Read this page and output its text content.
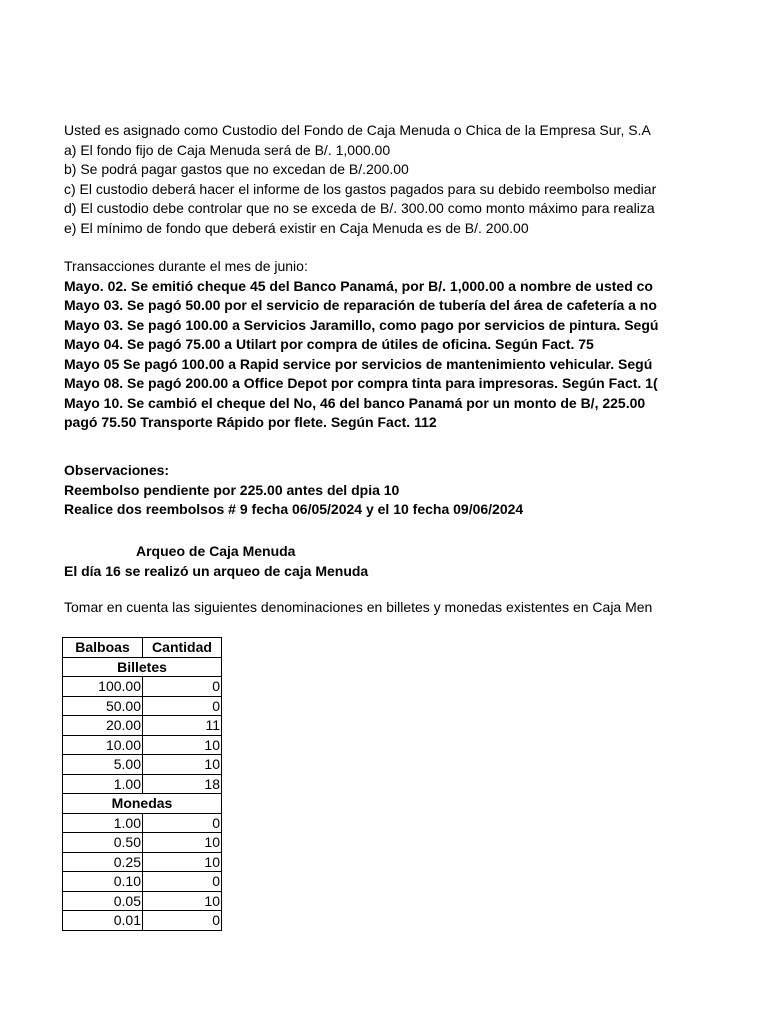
Usted es asignado como Custodio del Fondo de Caja Menuda o Chica de la Empresa Sur, S.A
a) El fondo fijo de Caja Menuda será de B/. 1,000.00
b) Se podrá pagar gastos que no excedan de B/.200.00
c) El custodio deberá hacer el informe de los gastos pagados para su debido reembolso mediar
d) El custodio debe controlar que no se exceda de B/. 300.00 como monto máximo para realiza
e) El mínimo de fondo que deberá existir en Caja Menuda es de B/. 200.00
Transacciones durante el mes de junio:
Mayo. 02. Se emitió cheque 45 del Banco Panamá, por B/. 1,000.00 a nombre de usted co
Mayo 03. Se pagó 50.00 por el servicio de reparación de tubería del área de cafetería a no
Mayo 03. Se pagó 100.00 a Servicios Jaramillo, como pago por servicios de pintura. Segú
Mayo 04. Se pagó 75.00 a Utilart por compra de útiles de oficina. Según Fact. 75
Mayo 05 Se pagó 100.00 a Rapid service por servicios de mantenimiento vehicular. Segú
Mayo 08. Se pagó 200.00 a Office Depot por compra tinta para impresoras. Según Fact. 1(
Mayo 10. Se cambió el cheque del No, 46 del banco Panamá por un monto de B/, 225.00
pagó 75.50 Transporte Rápido por flete. Según Fact. 112
Observaciones:
Reembolso pendiente por 225.00 antes del dpia 10
Realice dos reembolsos # 9 fecha 06/05/2024 y el 10 fecha 09/06/2024
Arqueo de Caja Menuda
El día 16 se realizó un arqueo de caja Menuda
Tomar en cuenta las siguientes denominaciones en billetes y monedas existentes en Caja Men
Balboas	Cantidad
Billetes	
100.00	0
50.00	0
20.00	11
10.00	10
5.00	10
1.00	18
Monedas	
1.00	0
0.50	10
0.25	10
0.10	0
0.05	10
0.01	0
